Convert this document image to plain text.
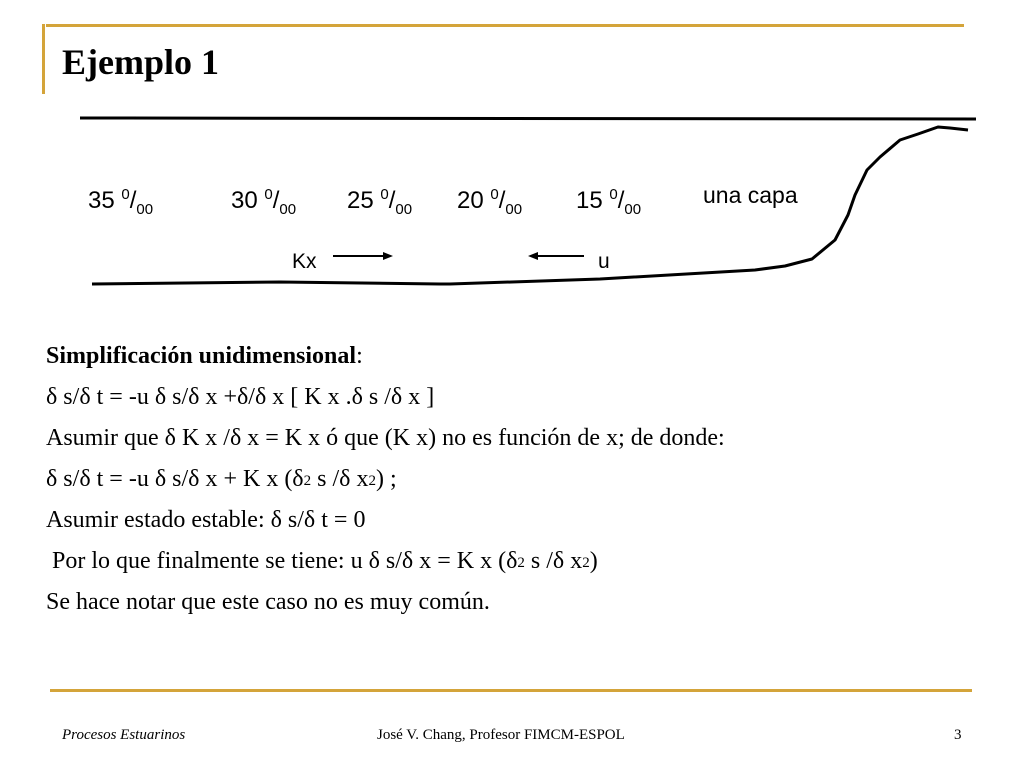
Ejemplo 1
35 $^0/_{00}$	30 $^0/_{00}$ 25 $^0/_{00}$ 20 $^0/_{00}$ 15 $^0/_{00}$
una capa
Kx	u
Simplificación unidimensional:
δ s/δ t = -u δ s/δ x +δ/δ x [ K x .δ s /δ x ]
Asumir que δ K x /δ x = K x ó que (K x) no es función de x; de donde:
δ s/δ t = -u δ s/δ x + K x ($\delta^2$ s /δ $x^2$) ;
Asumir estado estable: δ s/δ t = 0
Por lo que finalmente se tiene: u δ s/δ x = K x ($\delta^2$ s /δ $x^2$)
Se hace notar que este caso no es muy común.
Procesos Estuarinos	José V. Chang, Profesor FIMCM-ESPOL	3
